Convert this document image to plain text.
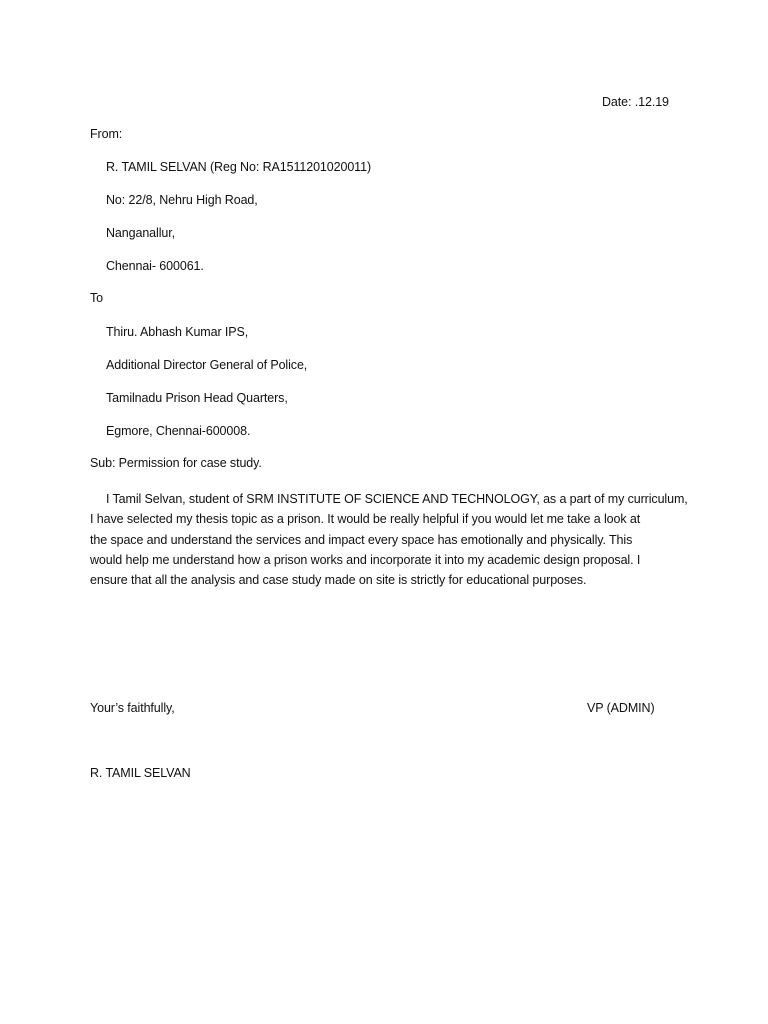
Date: .12.19
From:
R. TAMIL SELVAN (Reg No: RA1511201020011)
No: 22/8, Nehru High Road,
Nanganallur,
Chennai- 600061.
To
Thiru. Abhash Kumar IPS,
Additional Director General of Police,
Tamilnadu Prison Head Quarters,
Egmore, Chennai-600008.
Sub: Permission for case study.
I Tamil Selvan, student of SRM INSTITUTE OF SCIENCE AND TECHNOLOGY, as a part of my curriculum,
I have selected my thesis topic as a prison. It would be really helpful if you would let me take a look at
the space and understand the services and impact every space has emotionally and physically. This
would help me understand how a prison works and incorporate it into my academic design proposal. I
ensure that all the analysis and case study made on site is strictly for educational purposes.
Your’s faithfully,	VP (ADMIN)
R. TAMIL SELVAN
